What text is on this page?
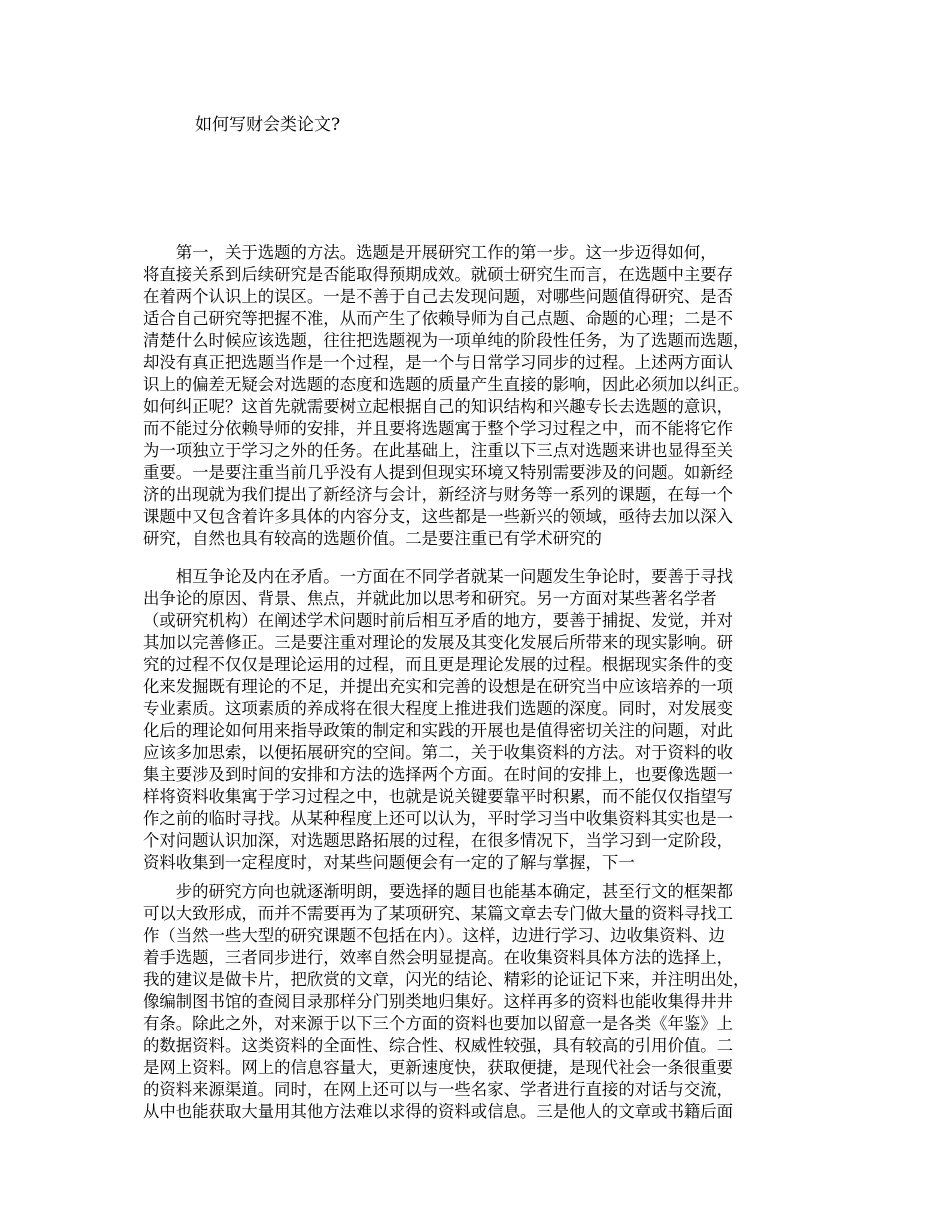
如何写财会类论文?
　　第一，关于选题的方法。选题是开展研究工作的第一步。这一步迈得如何，
将直接关系到后续研究是否能取得预期成效。就硕士研究生而言，在选题中主要存
在着两个认识上的误区。一是不善于自己去发现问题，对哪些问题值得研究、是否
适合自己研究等把握不准，从而产生了依赖导师为自己点题、命题的心理；二是不
清楚什么时候应该选题，往往把选题视为一项单纯的阶段性任务，为了选题而选题，
却没有真正把选题当作是一个过程，是一个与日常学习同步的过程。上述两方面认
识上的偏差无疑会对选题的态度和选题的质量产生直接的影响，因此必须加以纠正。
如何纠正呢？这首先就需要树立起根据自己的知识结构和兴趣专长去选题的意识，
而不能过分依赖导师的安排，并且要将选题寓于整个学习过程之中，而不能将它作
为一项独立于学习之外的任务。在此基础上，注重以下三点对选题来讲也显得至关
重要。一是要注重当前几乎没有人提到但现实环境又特别需要涉及的问题。如新经
济的出现就为我们提出了新经济与会计，新经济与财务等一系列的课题，在每一个
课题中又包含着许多具体的内容分支，这些都是一些新兴的领域，亟待去加以深入
研究，自然也具有较高的选题价值。二是要注重已有学术研究的
　　相互争论及内在矛盾。一方面在不同学者就某一问题发生争论时，要善于寻找
出争论的原因、背景、焦点，并就此加以思考和研究。另一方面对某些著名学者
（或研究机构）在阐述学术问题时前后相互矛盾的地方，要善于捕捉、发觉，并对
其加以完善修正。三是要注重对理论的发展及其变化发展后所带来的现实影响。研
究的过程不仅仅是理论运用的过程，而且更是理论发展的过程。根据现实条件的变
化来发掘既有理论的不足，并提出充实和完善的设想是在研究当中应该培养的一项
专业素质。这项素质的养成将在很大程度上推进我们选题的深度。同时，对发展变
化后的理论如何用来指导政策的制定和实践的开展也是值得密切关注的问题，对此
应该多加思索，以便拓展研究的空间。第二，关于收集资料的方法。对于资料的收
集主要涉及到时间的安排和方法的选择两个方面。在时间的安排上，也要像选题一
样将资料收集寓于学习过程之中，也就是说关键要靠平时积累，而不能仅仅指望写
作之前的临时寻找。从某种程度上还可以认为，平时学习当中收集资料其实也是一
个对问题认识加深，对选题思路拓展的过程，在很多情况下，当学习到一定阶段，
资料收集到一定程度时，对某些问题便会有一定的了解与掌握，下一
　　步的研究方向也就逐渐明朗，要选择的题目也能基本确定，甚至行文的框架都
可以大致形成，而并不需要再为了某项研究、某篇文章去专门做大量的资料寻找工
作（当然一些大型的研究课题不包括在内）。这样，边进行学习、边收集资料、边
着手选题，三者同步进行，效率自然会明显提高。在收集资料具体方法的选择上，
我的建议是做卡片，把欣赏的文章，闪光的结论、精彩的论证记下来，并注明出处，
像编制图书馆的查阅目录那样分门别类地归集好。这样再多的资料也能收集得井井
有条。除此之外，对来源于以下三个方面的资料也要加以留意一是各类《年鉴》上
的数据资料。这类资料的全面性、综合性、权威性较强，具有较高的引用价值。二
是网上资料。网上的信息容量大，更新速度快，获取便捷，是现代社会一条很重要
的资料来源渠道。同时，在网上还可以与一些名家、学者进行直接的对话与交流，
从中也能获取大量用其他方法难以求得的资料或信息。三是他人的文章或书籍后面
